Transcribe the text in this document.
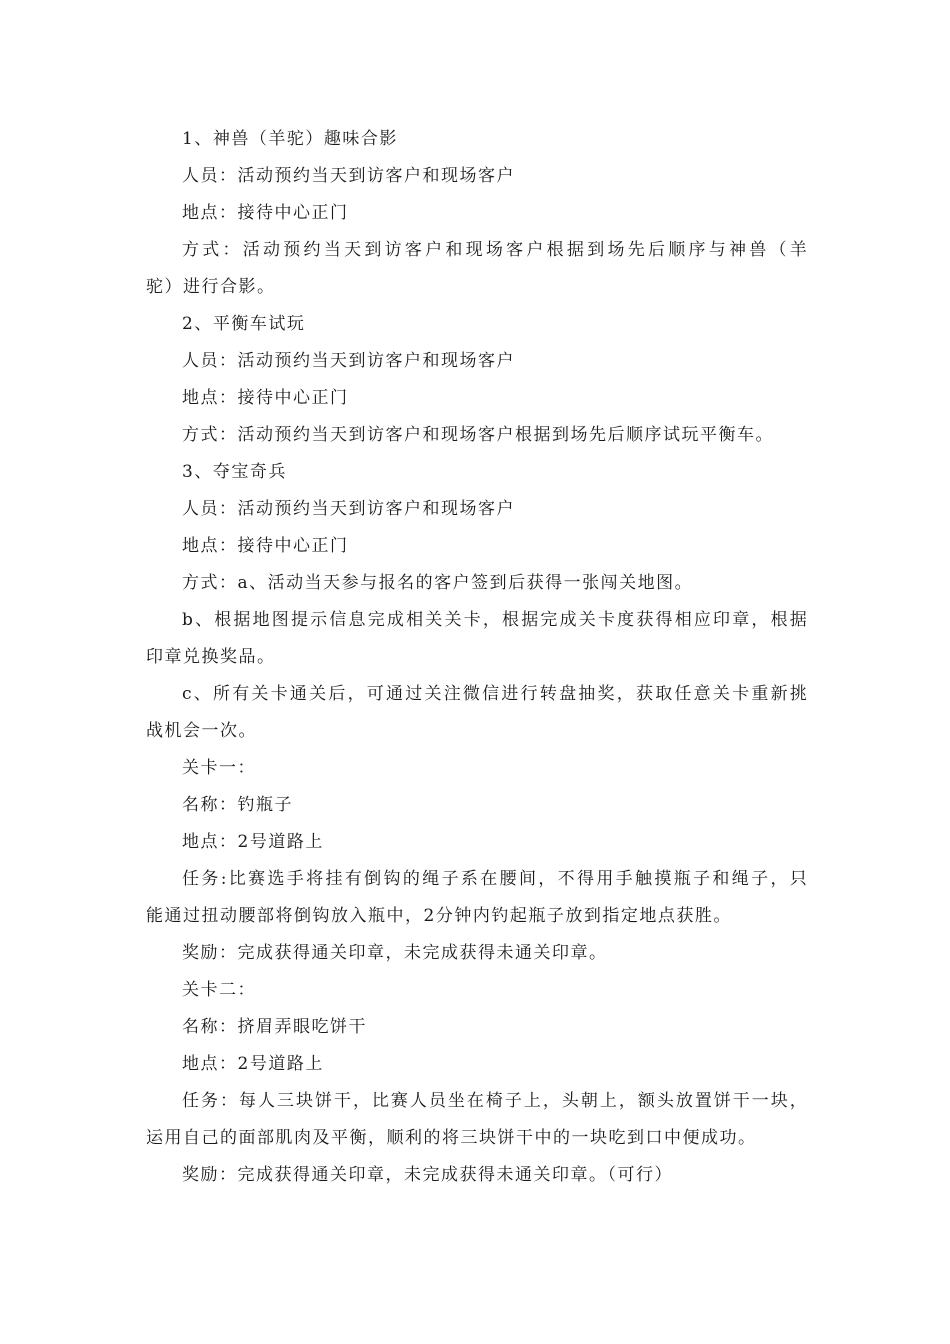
1、神兽（羊驼）趣味合影

人员：活动预约当天到访客户和现场客户

地点：接待中心正门

方式：活动预约当天到访客户和现场客户根据到场先后顺序与神兽（羊

驼）进行合影。

2、平衡车试玩

人员：活动预约当天到访客户和现场客户

地点：接待中心正门

方式：活动预约当天到访客户和现场客户根据到场先后顺序试玩平衡车。

3、夺宝奇兵

人员：活动预约当天到访客户和现场客户

地点：接待中心正门

方式：a、活动当天参与报名的客户签到后获得一张闯关地图。

b、根据地图提示信息完成相关关卡，根据完成关卡度获得相应印章，根据

印章兑换奖品。

c、所有关卡通关后，可通过关注微信进行转盘抽奖，获取任意关卡重新挑

战机会一次。

关卡一：

名称：钓瓶子

地点：2号道路上

任务:比赛选手将挂有倒钩的绳子系在腰间，不得用手触摸瓶子和绳子，只

能通过扭动腰部将倒钩放入瓶中，2分钟内钓起瓶子放到指定地点获胜。

奖励：完成获得通关印章，未完成获得未通关印章。

关卡二：

名称：挤眉弄眼吃饼干

地点：2号道路上

任务：每人三块饼干，比赛人员坐在椅子上，头朝上，额头放置饼干一块，

运用自己的面部肌肉及平衡，顺利的将三块饼干中的一块吃到口中便成功。

奖励：完成获得通关印章，未完成获得未通关印章。（可行）
